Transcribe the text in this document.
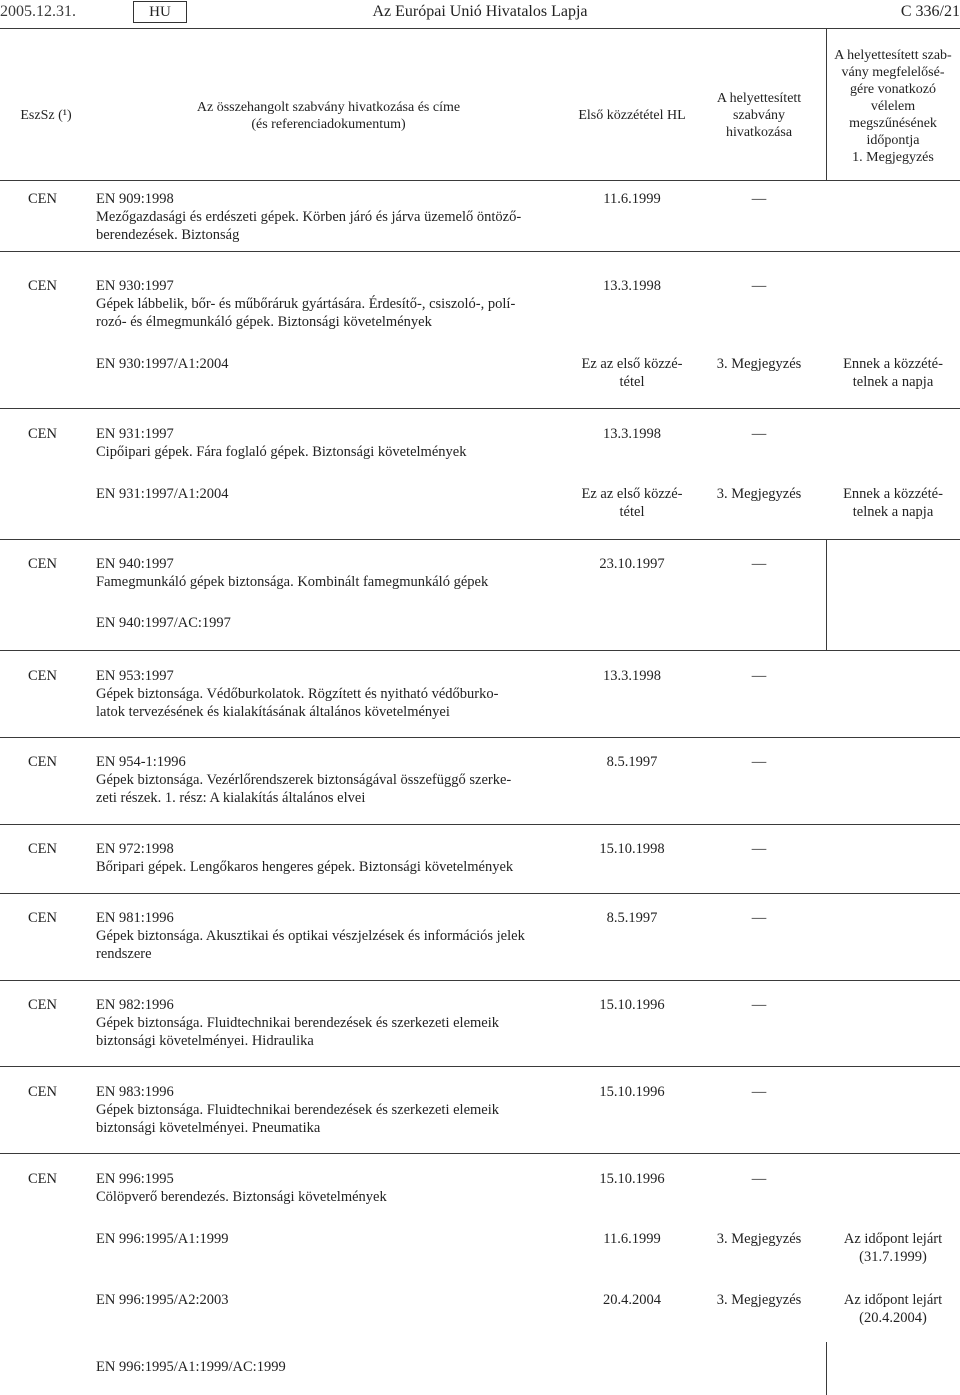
Az Európai Unió Hivatalos Lapja
2005.12.31.	HU	C 336/21
EszSz (¹)
Az összehangolt szabvány hivatkozása és címe
(és referenciadokumentum)
Első közzététel HL
A helyettesített
szabvány
hivatkozása
A helyettesített szab-
vány megfelelősé-
gére vonatkozó
vélelem
megszűnésének
időpontja
1. Megjegyzés
CEN	EN 909:1998
Mezőgazdasági és erdészeti gépek. Körben járó és járva üzemelő öntöző-
berendezések. Biztonság
11.6.1999	—
CEN	EN 930:1997
Gépek lábbelik, bőr- és műbőráruk gyártására. Érdesítő-, csiszoló-, polí-
rozó- és élmegmunkáló gépek. Biztonsági követelmények
13.3.1998	—
EN 930:1997/A1:2004	Ez az első közzé-
tétel
3. Megjegyzés	Ennek a közzété-
telnek a napja
CEN	EN 931:1997
Cipőipari gépek. Fára foglaló gépek. Biztonsági követelmények
13.3.1998	—
EN 931:1997/A1:2004	Ez az első közzé-
tétel
3. Megjegyzés	Ennek a közzété-
telnek a napja
CEN	EN 940:1997
Famegmunkáló gépek biztonsága. Kombinált famegmunkáló gépek
23.10.1997	—
EN 940:1997/AC:1997
CEN	EN 953:1997
Gépek biztonsága. Védőburkolatok. Rögzített és nyitható védőburko-
latok tervezésének és kialakításának általános követelményei
13.3.1998	—
CEN	EN 954-1:1996
Gépek biztonsága. Vezérlőrendszerek biztonságával összefüggő szerke-
zeti részek. 1. rész: A kialakítás általános elvei
8.5.1997	—
CEN	EN 972:1998
Bőripari gépek. Lengőkaros hengeres gépek. Biztonsági követelmények
15.10.1998	—
CEN	EN 981:1996
Gépek biztonsága. Akusztikai és optikai vészjelzések és információs jelek
rendszere
8.5.1997	—
CEN	EN 982:1996
Gépek biztonsága. Fluidtechnikai berendezések és szerkezeti elemeik
biztonsági követelményei. Hidraulika
15.10.1996	—
CEN	EN 983:1996
Gépek biztonsága. Fluidtechnikai berendezések és szerkezeti elemeik
biztonsági követelményei. Pneumatika
15.10.1996	—
CEN	EN 996:1995
Cölöpverő berendezés. Biztonsági követelmények
15.10.1996	—
EN 996:1995/A1:1999	11.6.1999	3. Megjegyzés	Az időpont lejárt
(31.7.1999)
EN 996:1995/A2:2003	20.4.2004	3. Megjegyzés	Az időpont lejárt
(20.4.2004)
EN 996:1995/A1:1999/AC:1999
